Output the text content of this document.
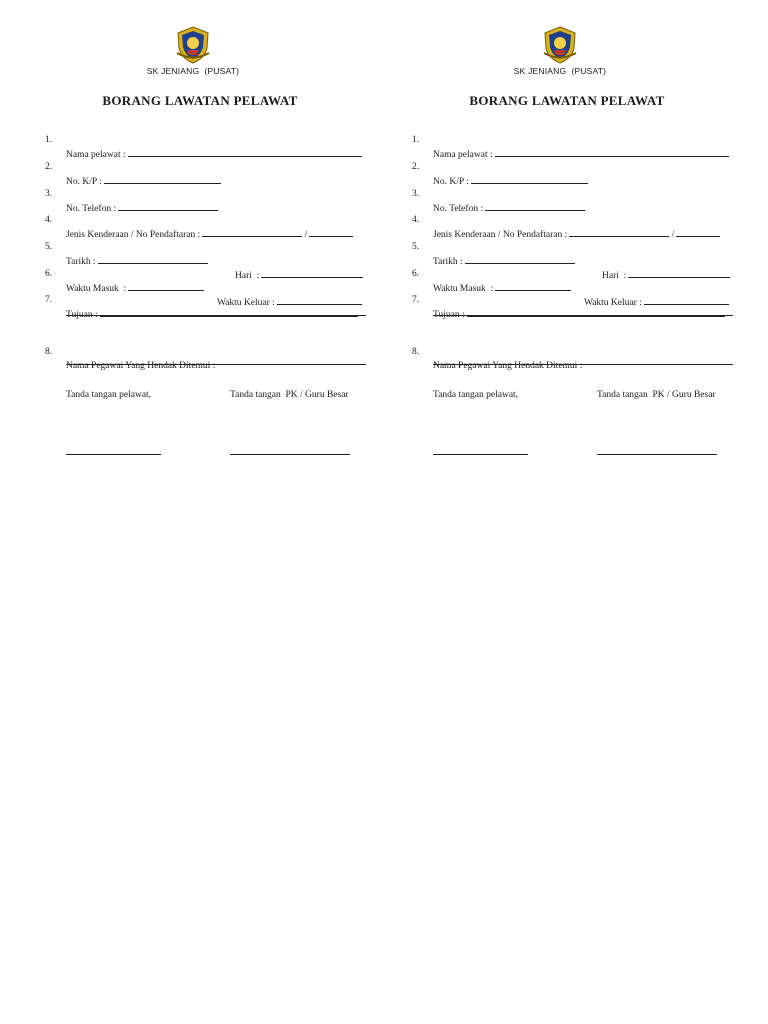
SK JENIANG  (PUSAT)
BORANG LAWATAN PELAWAT

1.

Nama pelawat :

2.

No. K/P :

3.

No. Telefon :

4.

Jenis Kenderaan / No Pendaftaran :	/

5.

Tarikh :

Hari  :

6.

Waktu Masuk  :

Waktu Keluar :

7.

Tujuan :

8.

Nama Pegawai Yang Hendak Ditemui :

Tanda tangan pelawat,	Tanda tangan  PK / Guru Besar
SK JENIANG  (PUSAT)
BORANG LAWATAN PELAWAT

1.

Nama pelawat :

2.

No. K/P :

3.

No. Telefon :

4.

Jenis Kenderaan / No Pendaftaran :	/

5.

Tarikh :

Hari  :

6.

Waktu Masuk  :

Waktu Keluar :

7.

Tujuan :

8.

Nama Pegawai Yang Hendak Ditemui :

Tanda tangan pelawat,	Tanda tangan  PK / Guru Besar
